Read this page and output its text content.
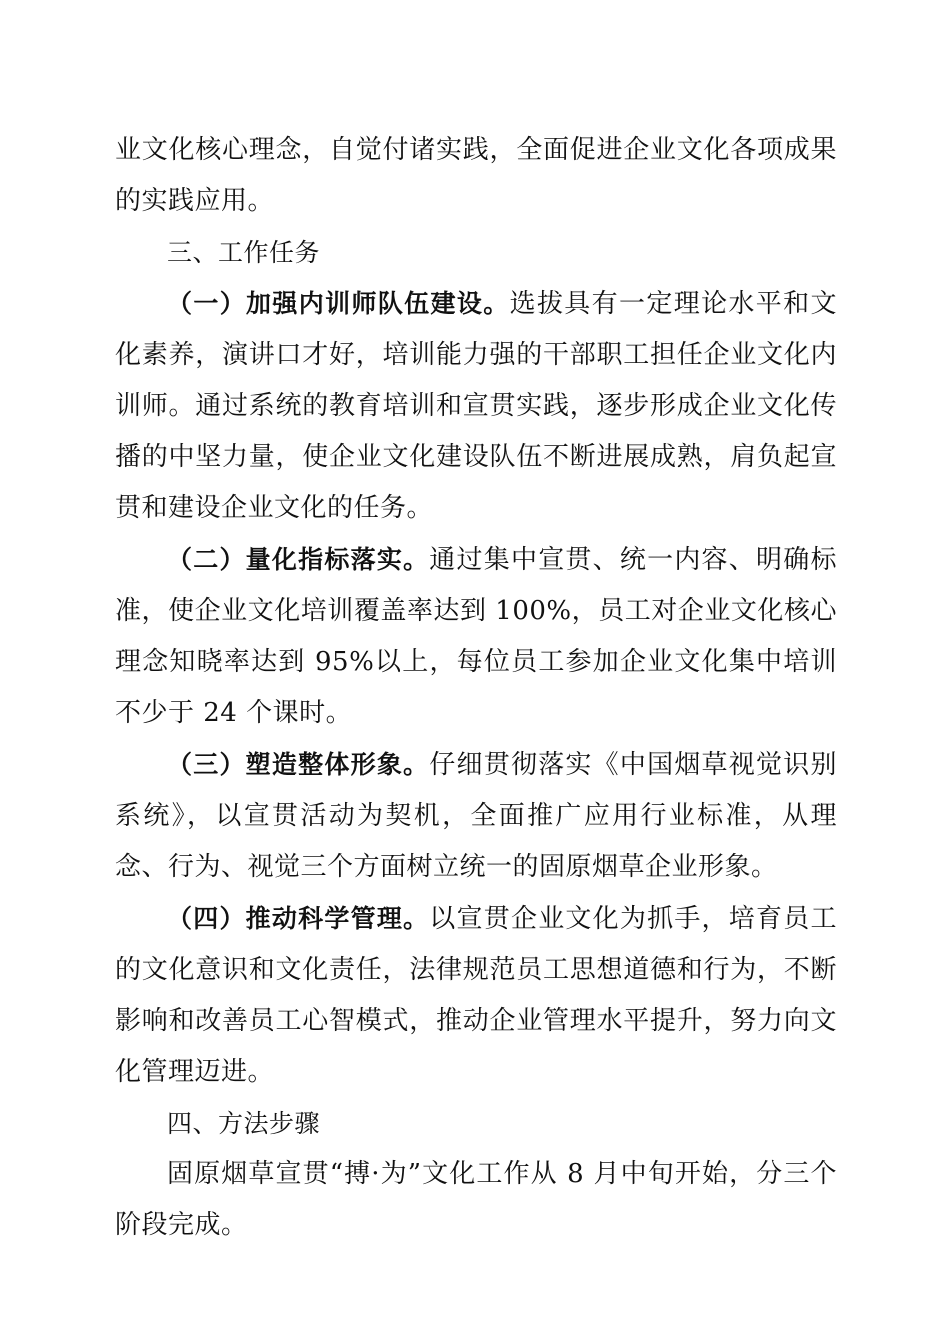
业文化核心理念，自觉付诸实践，全面促进企业文化各项成果的实践应用。

三、工作任务

（一）加强内训师队伍建设。选拔具有一定理论水平和文化素养，演讲口才好，培训能力强的干部职工担任企业文化内训师。通过系统的教育培训和宣贯实践，逐步形成企业文化传播的中坚力量，使企业文化建设队伍不断进展成熟，肩负起宣贯和建设企业文化的任务。

（二）量化指标落实。通过集中宣贯、统一内容、明确标准，使企业文化培训覆盖率达到 100%，员工对企业文化核心理念知晓率达到 95%以上，每位员工参加企业文化集中培训不少于 24 个课时。

（三）塑造整体形象。仔细贯彻落实《中国烟草视觉识别系统》，以宣贯活动为契机，全面推广应用行业标准，从理念、行为、视觉三个方面树立统一的固原烟草企业形象。

（四）推动科学管理。以宣贯企业文化为抓手，培育员工的文化意识和文化责任，法律规范员工思想道德和行为，不断影响和改善员工心智模式，推动企业管理水平提升，努力向文化管理迈进。

四、方法步骤

固原烟草宣贯“搏·为”文化工作从 8 月中旬开始，分三个阶段完成。
